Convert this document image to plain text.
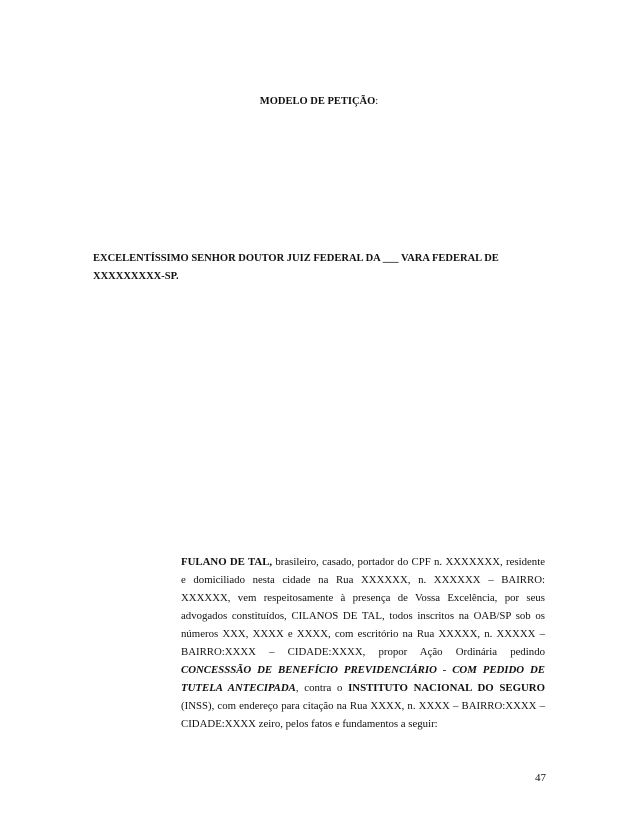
MODELO DE PETIÇÃO:
EXCELENTÍSSIMO SENHOR DOUTOR JUIZ FEDERAL DA ___ VARA FEDERAL DE
XXXXXXXXX-SP.
FULANO DE TAL, brasileiro, casado, portador do CPF n. XXXXXXX, residente e domiciliado nesta cidade na Rua XXXXXX, n. XXXXXX – BAIRRO: XXXXXX, vem respeitosamente à presença de Vossa Excelência, por seus advogados constituídos, CILANOS DE TAL, todos inscritos na OAB/SP sob os números XXX, XXXX e XXXX, com escritório na Rua XXXXX, n. XXXXX – BAIRRO:XXXX – CIDADE:XXXX, propor Ação Ordinária pedindo CONCESSSÃO DE BENEFÍCIO PREVIDENCIÁRIO - COM PEDIDO DE TUTELA ANTECIPADA, contra o INSTITUTO NACIONAL DO SEGURO (INSS), com endereço para citação na Rua XXXX, n. XXXX – BAIRRO:XXXX – CIDADE:XXXX zeiro, pelos fatos e fundamentos a seguir:
47
